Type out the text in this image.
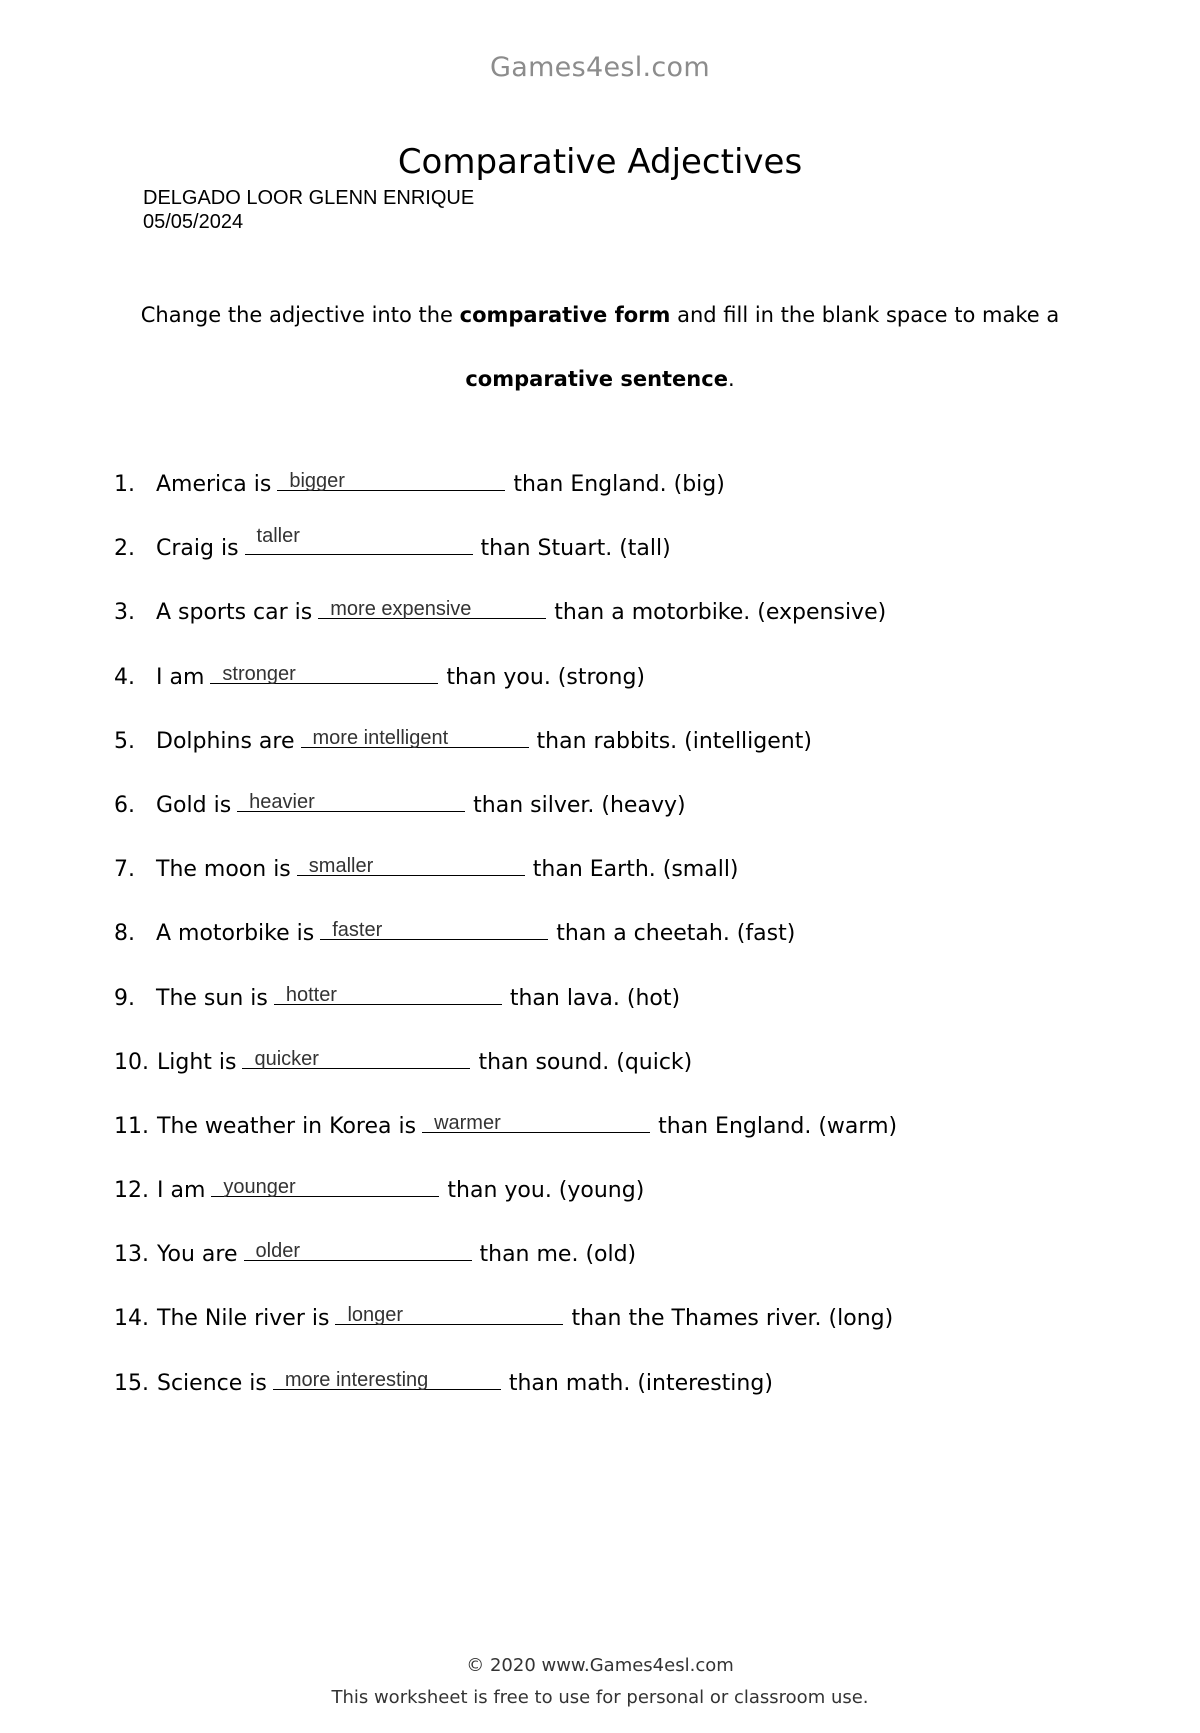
Games4esl.com
Comparative Adjectives
DELGADO LOOR GLENN ENRIQUE
05/05/2024
Change the adjective into the comparative form and fill in the blank space to make a
comparative sentence.
1. America is bigger	than England. (big)
2. Craig is taller	than Stuart. (tall)
3. A sports car is more expensive	than a motorbike. (expensive)
4. I am stronger	than you. (strong)
5. Dolphins are more intelligent	than rabbits. (intelligent)
6. Gold is heavier	than silver. (heavy)
7. The moon is smaller	than Earth. (small)
8. A motorbike is faster	than a cheetah. (fast)
9. The sun is hotter	than lava. (hot)
10. Light is quicker	than sound. (quick)
11. The weather in Korea is warmer	than England. (warm)
12. I am younger	than you. (young)
13. You are older	than me. (old)
14. The Nile river is longer	than the Thames river. (long)
15. Science is more interesting	than math. (interesting)
© 2020 www.Games4esl.com
This worksheet is free to use for personal or classroom use.
